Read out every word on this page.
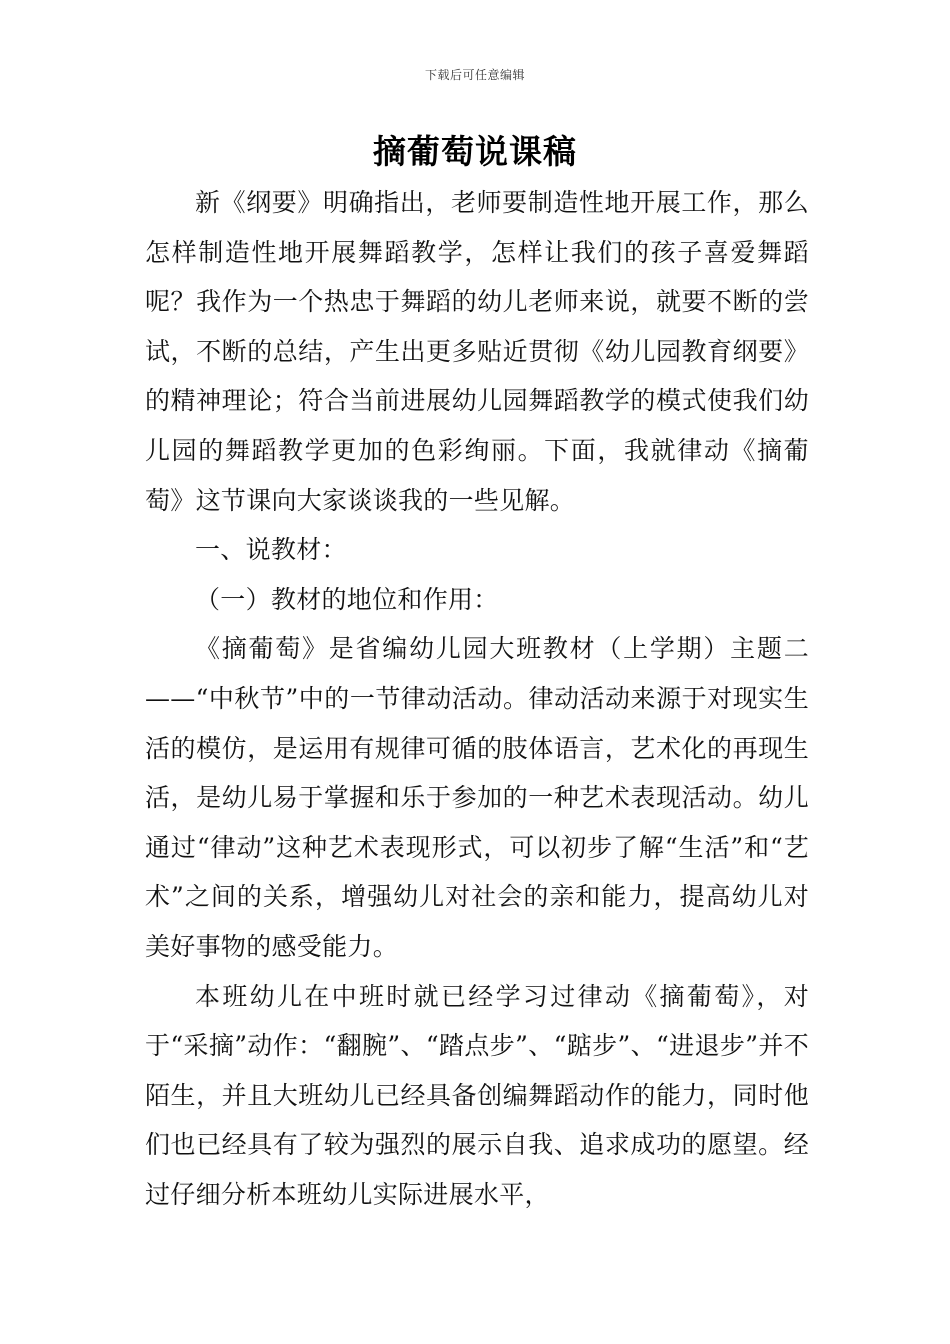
下载后可任意编辑
摘葡萄说课稿

新《纲要》明确指出，老师要制造性地开展工作，那么怎样制造性地开展舞蹈教学，怎样让我们的孩子喜爱舞蹈呢？我作为一个热忠于舞蹈的幼儿老师来说，就要不断的尝试，不断的总结，产生出更多贴近贯彻《幼儿园教育纲要》的精神理论；符合当前进展幼儿园舞蹈教学的模式使我们幼儿园的舞蹈教学更加的色彩绚丽。下面，我就律动《摘葡萄》这节课向大家谈谈我的一些见解。

一、说教材：

（一）教材的地位和作用：

《摘葡萄》是省编幼儿园大班教材（上学期）主题二——“中秋节”中的一节律动活动。律动活动来源于对现实生活的模仿，是运用有规律可循的肢体语言，艺术化的再现生活，是幼儿易于掌握和乐于参加的一种艺术表现活动。幼儿通过“律动”这种艺术表现形式，可以初步了解“生活”和“艺术”之间的关系，增强幼儿对社会的亲和能力，提高幼儿对美好事物的感受能力。

本班幼儿在中班时就已经学习过律动《摘葡萄》，对于“采摘”动作：“翻腕”、“踏点步”、“踮步”、“进退步”并不陌生，并且大班幼儿已经具备创编舞蹈动作的能力，同时他们也已经具有了较为强烈的展示自我、追求成功的愿望。经过仔细分析本班幼儿实际进展水平，
